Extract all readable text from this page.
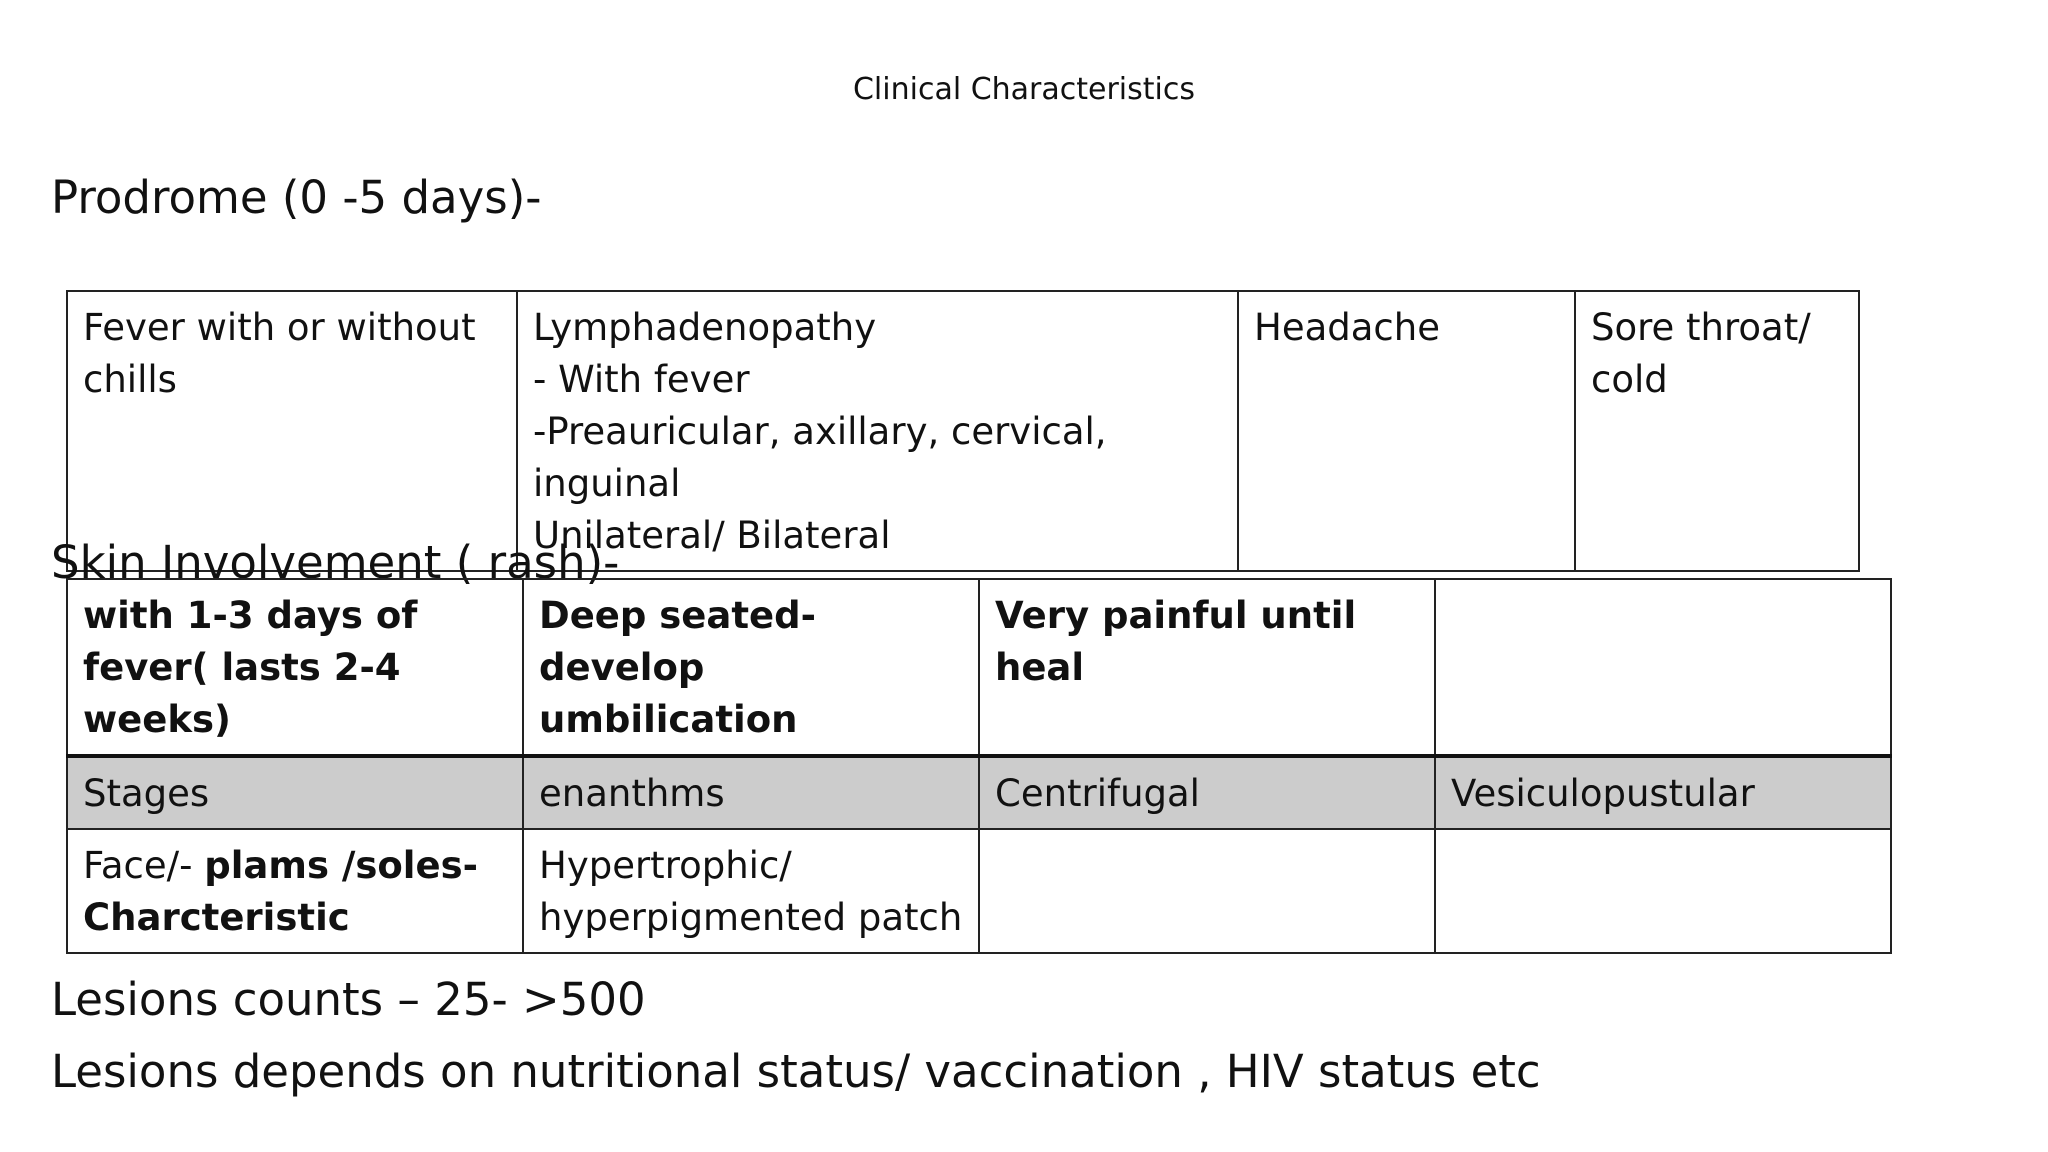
Clinical Characteristics
Prodrome (0 -5 days)-
Fever with or without chills	Lymphadenopathy
- With fever
-Preauricular, axillary, cervical, inguinal
Unilateral/ Bilateral	Headache	Sore throat/ cold
Skin Involvement ( rash)-
with 1-3 days of fever( lasts 2-4 weeks)	Deep seated- develop umbilication	Very painful until heal	
Stages	enanthms	Centrifugal	Vesiculopustular
Face/- plams /soles- Charcteristic	Hypertrophic/ hyperpigmented patch		

Lesions counts – 25- >500

Lesions depends on nutritional status/ vaccination , HIV status etc
